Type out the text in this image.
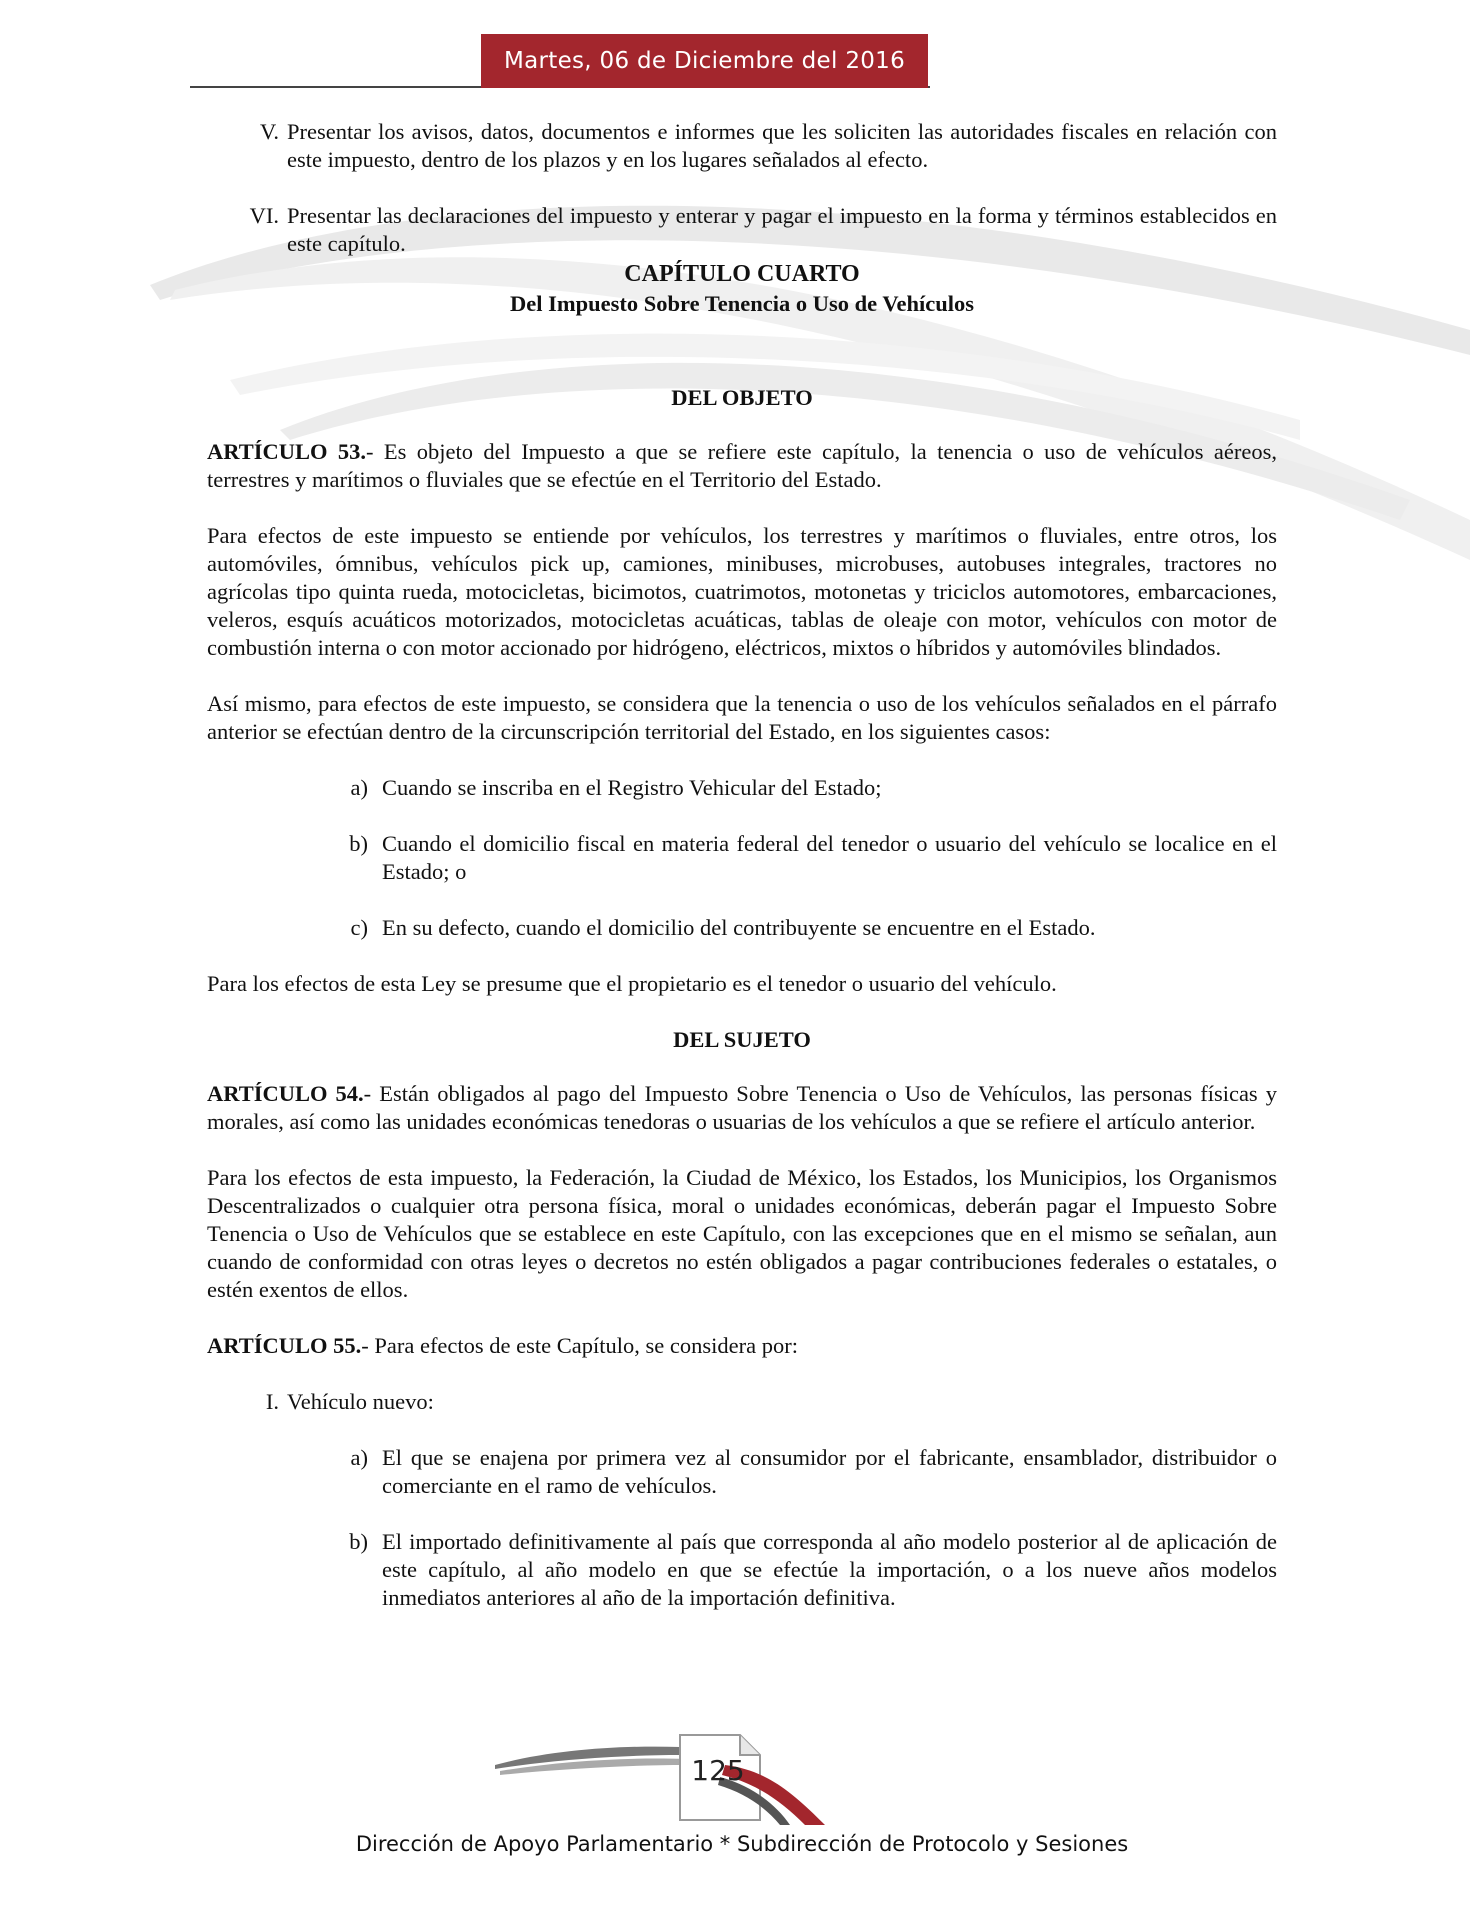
Martes, 06 de Diciembre del 2016
V. Presentar los avisos, datos, documentos e informes que les soliciten las autoridades fiscales en relación con este impuesto, dentro de los plazos y en los lugares señalados al efecto.
VI. Presentar las declaraciones del impuesto y enterar y pagar el impuesto en la forma y términos establecidos en este capítulo.
CAPÍTULO CUARTO
Del Impuesto Sobre Tenencia o Uso de Vehículos
DEL OBJETO

ARTÍCULO 53.- Es objeto del Impuesto a que se refiere este capítulo, la tenencia o uso de vehículos aéreos, terrestres y marítimos o fluviales que se efectúe en el Territorio del Estado.

Para efectos de este impuesto se entiende por vehículos, los terrestres y marítimos o fluviales, entre otros, los automóviles, ómnibus, vehículos pick up, camiones, minibuses, microbuses, autobuses integrales, tractores no agrícolas tipo quinta rueda, motocicletas, bicimotos, cuatrimotos, motonetas y triciclos automotores, embarcaciones, veleros, esquís acuáticos motorizados, motocicletas acuáticas, tablas de oleaje con motor, vehículos con motor de combustión interna o con motor accionado por hidrógeno, eléctricos, mixtos o híbridos y automóviles blindados.

Así mismo, para efectos de este impuesto, se considera que la tenencia o uso de los vehículos señalados en el párrafo anterior se efectúan dentro de la circunscripción territorial del Estado, en los siguientes casos:

a) Cuando se inscriba en el Registro Vehicular del Estado;
b) Cuando el domicilio fiscal en materia federal del tenedor o usuario del vehículo se localice en el Estado; o
c) En su defecto, cuando el domicilio del contribuyente se encuentre en el Estado.

Para los efectos de esta Ley se presume que el propietario es el tenedor o usuario del vehículo.

DEL SUJETO

ARTÍCULO 54.- Están obligados al pago del Impuesto Sobre Tenencia o Uso de Vehículos, las personas físicas y morales, así como las unidades económicas tenedoras o usuarias de los vehículos a que se refiere el artículo anterior.

Para los efectos de esta impuesto, la Federación, la Ciudad de México, los Estados, los Municipios, los Organismos Descentralizados o cualquier otra persona física, moral o unidades económicas, deberán pagar el Impuesto Sobre Tenencia o Uso de Vehículos que se establece en este Capítulo, con las excepciones que en el mismo se señalan, aun cuando de conformidad con otras leyes o decretos no estén obligados a pagar contribuciones federales o estatales, o estén exentos de ellos.

ARTÍCULO 55.- Para efectos de este Capítulo, se considera por:

I. Vehículo nuevo:
a) El que se enajena por primera vez al consumidor por el fabricante, ensamblador, distribuidor o comerciante en el ramo de vehículos.
b) El importado definitivamente al país que corresponda al año modelo posterior al de aplicación de este capítulo, al año modelo en que se efectúe la importación, o a los nueve años modelos inmediatos anteriores al año de la importación definitiva.
125
Dirección de Apoyo Parlamentario * Subdirección de Protocolo y Sesiones
